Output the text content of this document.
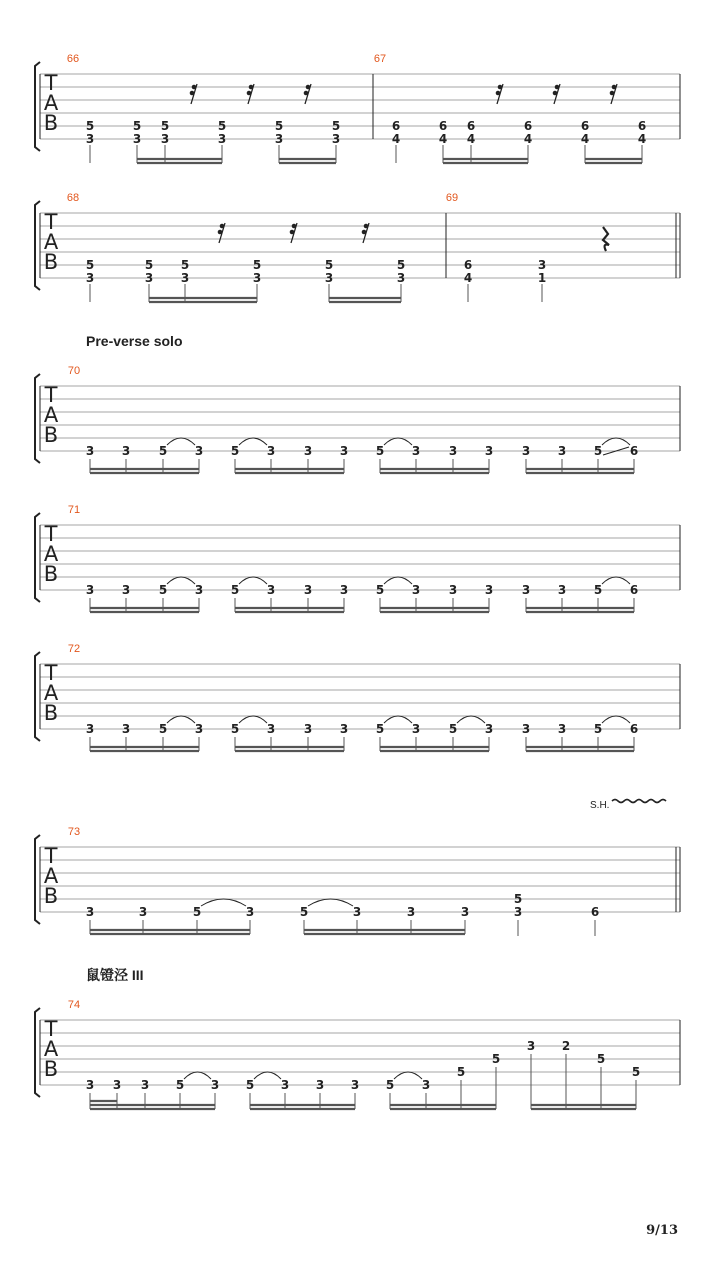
T
A
B
66	67
5
3
5
3
5
3
5
3
5
3
5
3
6
4
6
4
6
4
6
4
6
4
6
4
T
A
B
68	69
5
3
5
3
5
3
5
3
5
3
5
3
6
4
3
1
Pre-verse solo
T
A
B
70
3 3 5 3 5 3 3 3 5 3 3 3 3 3 5 6
T
A
B
71
3 3 5 3 5 3 3 3 5 3 3 3 3 3 5 6
T
A
B
72
3 3 5 3 5 3 3 3 5 3 5 3 3 3 5 6
T
A
B
73
3	3	5	3	5	3	3	3
5
3	6
S.H.
鼠镫泾 III
T
A
B
74
3 3 3 5 3 5 3 3 3 5 3
5
5
3 2
5
5
9/13
